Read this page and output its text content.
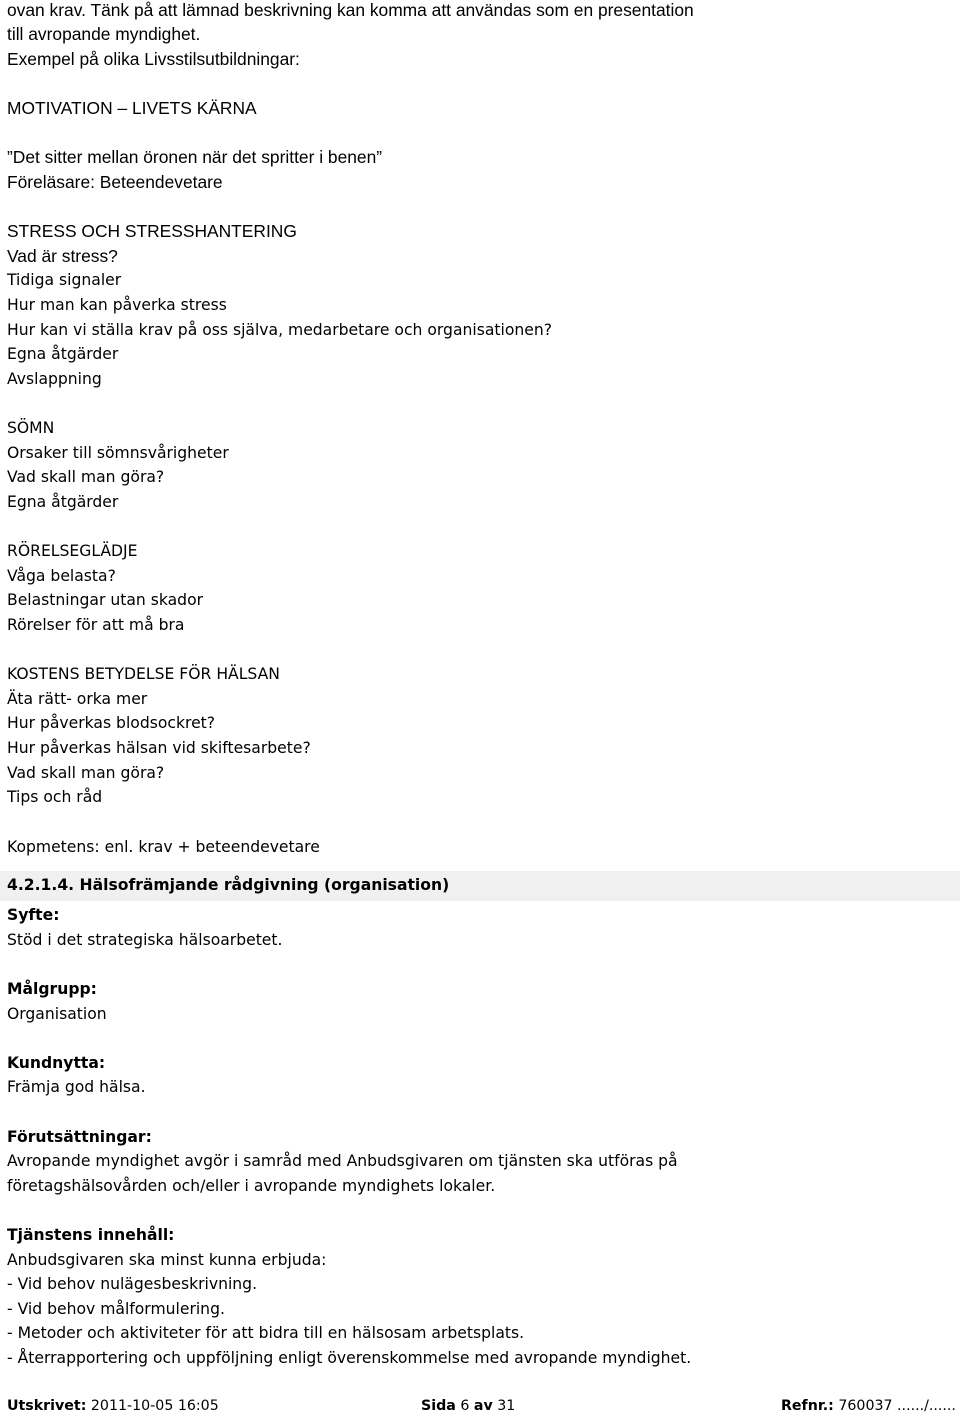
ovan krav. Tänk på att lämnad beskrivning kan komma att användas som en presentation
till avropande myndighet.
Exempel på olika Livsstilsutbildningar:
MOTIVATION – LIVETS KÄRNA
”Det sitter mellan öronen när det spritter i benen”
Föreläsare: Beteendevetare
STRESS OCH STRESSHANTERING
Vad är stress?
Tidiga signaler
Hur man kan påverka stress
Hur kan vi ställa krav på oss själva, medarbetare och organisationen?
Egna åtgärder
Avslappning
SÖMN
Orsaker till sömnsvårigheter
Vad skall man göra?
Egna åtgärder
RÖRELSEGLÄDJE
Våga belasta?
Belastningar utan skador
Rörelser för att må bra
KOSTENS BETYDELSE FÖR HÄLSAN
Äta rätt- orka mer
Hur påverkas blodsockret?
Hur påverkas hälsan vid skiftesarbete?
Vad skall man göra?
Tips och råd
Kopmetens: enl. krav + beteendevetare
4.2.1.4. Hälsofrämjande rådgivning (organisation)
Syfte:
Stöd i det strategiska hälsoarbetet.
Målgrupp:
Organisation
Kundnytta:
Främja god hälsa.
Förutsättningar:
Avropande myndighet avgör i samråd med Anbudsgivaren om tjänsten ska utföras på
företagshälsovården och/eller i avropande myndighets lokaler.
Tjänstens innehåll:
Anbudsgivaren ska minst kunna erbjuda:
- Vid behov nulägesbeskrivning.
- Vid behov målformulering.
- Metoder och aktiviteter för att bidra till en hälsosam arbetsplats.
- Återrapportering och uppföljning enligt överenskommelse med avropande myndighet.
Utskrivet: 2011-10-05 16:05	Sida 6 av 31	Refnr.: 760037 ....../......
